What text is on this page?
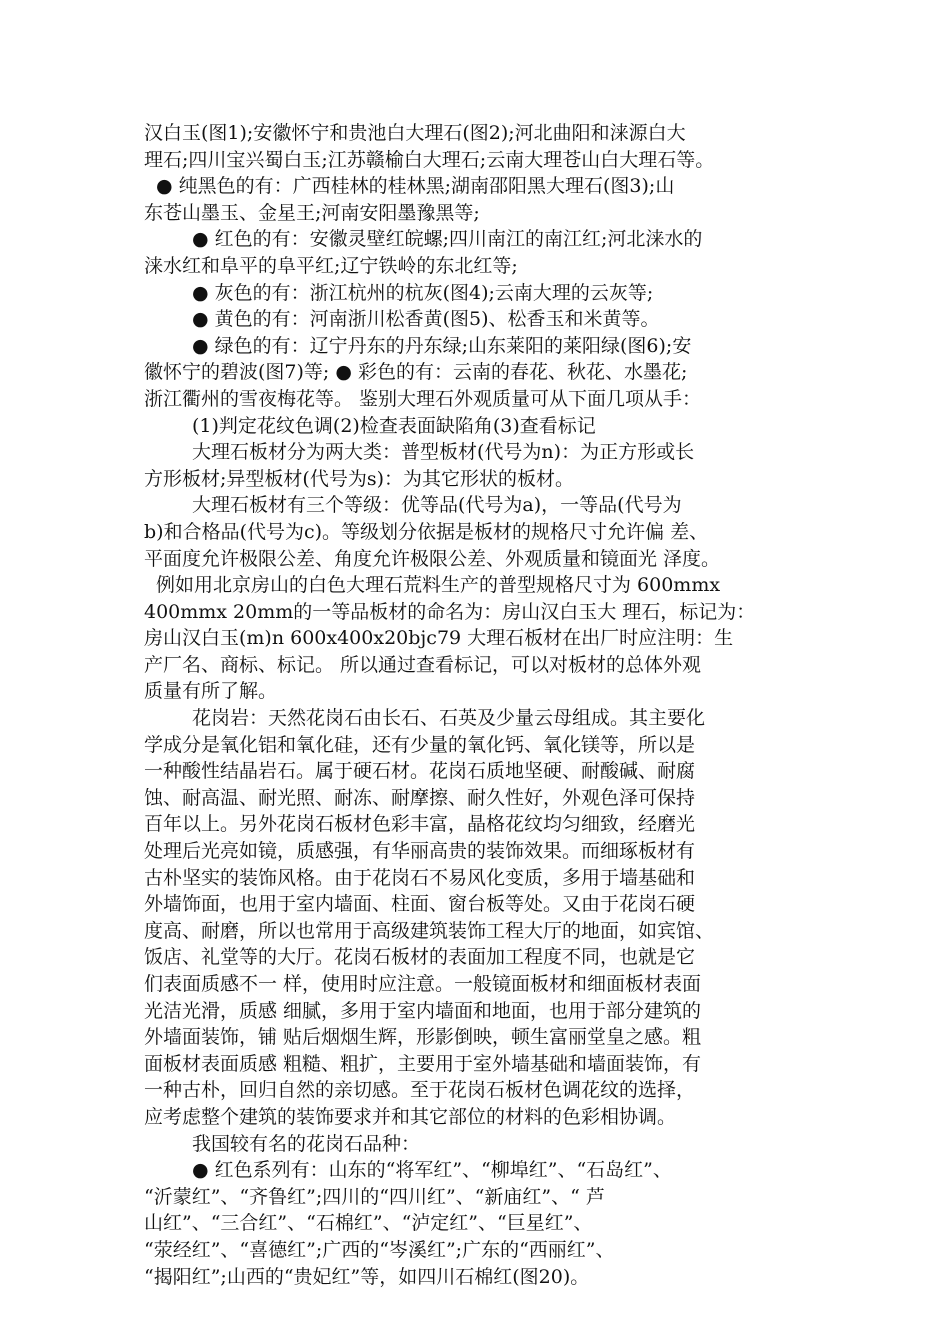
汉白玉(图1);安徽怀宁和贵池白大理石(图2);河北曲阳和涞源白大
理石;四川宝兴蜀白玉;江苏赣榆白大理石;云南大理苍山白大理石等。
● 纯黑色的有：广西桂林的桂林黑;湖南邵阳黑大理石(图3);山
东苍山墨玉、金星王;河南安阳墨豫黑等;
● 红色的有：安徽灵壁红皖螺;四川南江的南江红;河北涞水的
涞水红和阜平的阜平红;辽宁铁岭的东北红等;
● 灰色的有：浙江杭州的杭灰(图4);云南大理的云灰等;
● 黄色的有：河南浙川松香黄(图5)、松香玉和米黄等。
● 绿色的有：辽宁丹东的丹东绿;山东莱阳的莱阳绿(图6);安
徽怀宁的碧波(图7)等; ● 彩色的有：云南的春花、秋花、水墨花;
浙江衢州的雪夜梅花等。 鉴别大理石外观质量可从下面几项从手：
(1)判定花纹色调(2)检查表面缺陷角(3)查看标记
大理石板材分为两大类：普型板材(代号为n)：为正方形或长
方形板材;异型板材(代号为s)：为其它形状的板材。
大理石板材有三个等级：优等品(代号为a)，一等品(代号为
b)和合格品(代号为c)。等级划分依据是板材的规格尺寸允许偏 差、
平面度允许极限公差、角度允许极限公差、外观质量和镜面光 泽度。
例如用北京房山的白色大理石荒料生产的普型规格尺寸为 600mmx
400mmx 20mm的一等品板材的命名为：房山汉白玉大 理石，标记为：
房山汉白玉(m)n 600x400x20bjc79 大理石板材在出厂时应注明：生
产厂名、商标、标记。 所以通过查看标记，可以对板材的总体外观
质量有所了解。
花岗岩：天然花岗石由长石、石英及少量云母组成。其主要化
学成分是氧化铝和氧化硅，还有少量的氧化钙、氧化镁等，所以是
一种酸性结晶岩石。属于硬石材。花岗石质地坚硬、耐酸碱、耐腐
蚀、耐高温、耐光照、耐冻、耐摩擦、耐久性好，外观色泽可保持
百年以上。另外花岗石板材色彩丰富，晶格花纹均匀细致，经磨光
处理后光亮如镜，质感强，有华丽高贵的装饰效果。而细琢板材有
古朴坚实的装饰风格。由于花岗石不易风化变质，多用于墙基础和
外墙饰面，也用于室内墙面、柱面、窗台板等处。又由于花岗石硬
度高、耐磨，所以也常用于高级建筑装饰工程大厅的地面，如宾馆、
饭店、礼堂等的大厅。花岗石板材的表面加工程度不同，也就是它
们表面质感不一 样，使用时应注意。一般镜面板材和细面板材表面
光洁光滑，质感 细腻，多用于室内墙面和地面，也用于部分建筑的
外墙面装饰，铺 贴后烟烟生辉，形影倒映，顿生富丽堂皇之感。粗
面板材表面质感 粗糙、粗扩，主要用于室外墙基础和墙面装饰，有
一种古朴，回归自然的亲切感。至于花岗石板材色调花纹的选择，
应考虑整个建筑的装饰要求并和其它部位的材料的色彩相协调。
我国较有名的花岗石品种：
● 红色系列有：山东的“将军红”、“柳埠红”、“石岛红”、
“沂蒙红”、“齐鲁红”;四川的“四川红”、“新庙红”、“ 芦
山红”、“三合红”、“石棉红”、“泸定红”、“巨星红”、
“荥经红”、“喜德红”;广西的“岑溪红”;广东的“西丽红”、
“揭阳红”;山西的“贵妃红”等，如四川石棉红(图20)。
